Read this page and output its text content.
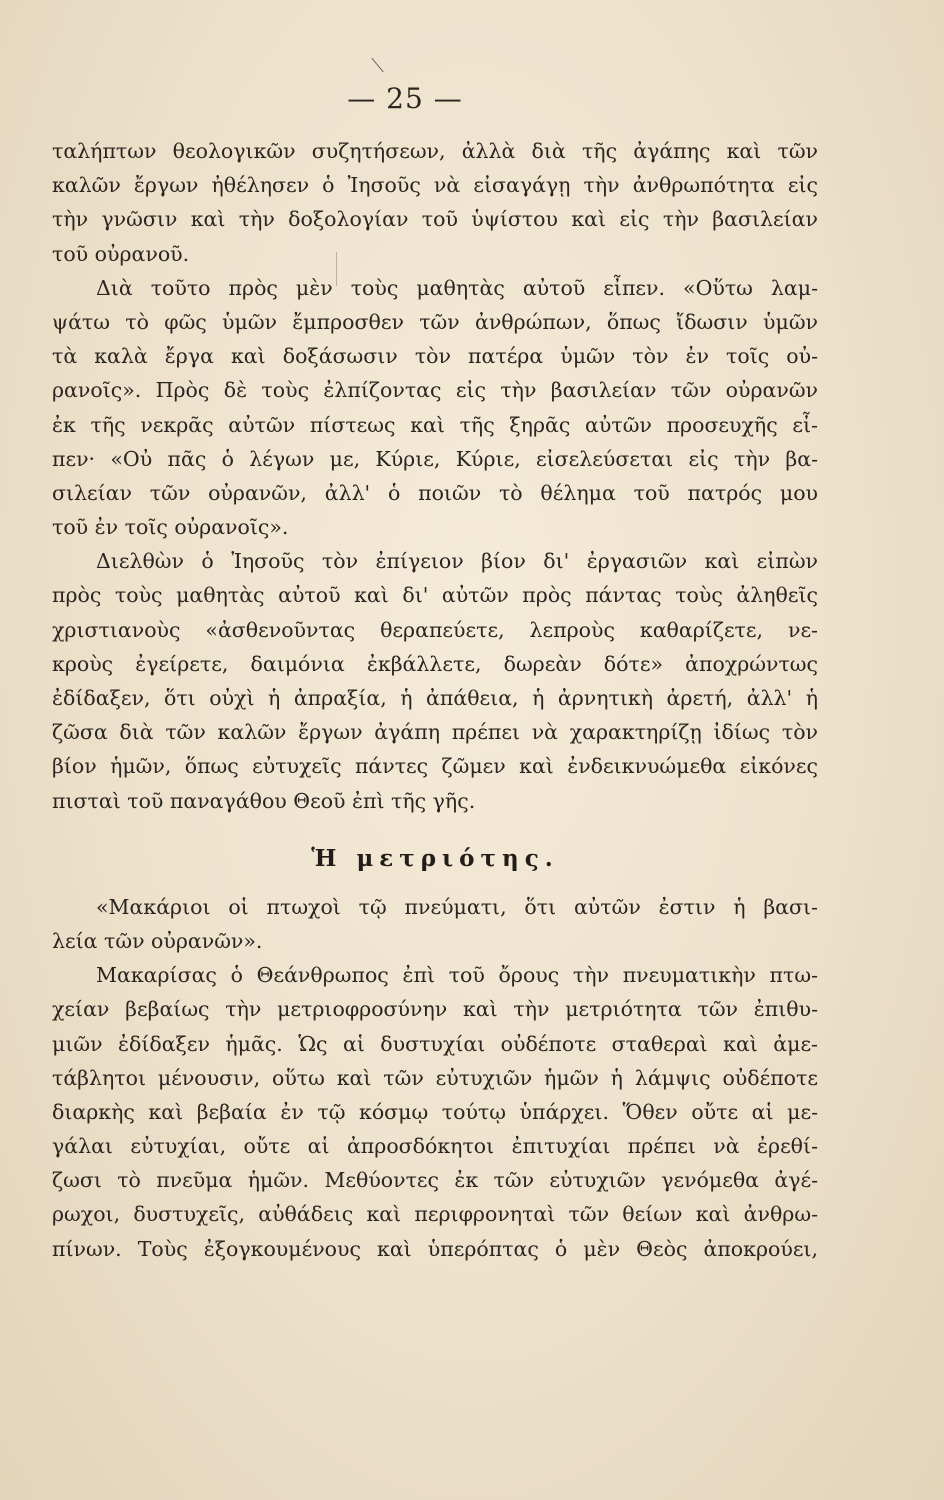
— 25 —
ταλήπτων θεολογικῶν συζητήσεων, ἀλλὰ διὰ τῆς ἀγάπης καὶ τῶν
καλῶν ἔργων ἠθέλησεν ὁ Ἰησοῦς νὰ εἰσαγάγῃ τὴν ἀνθρωπότητα εἰς
τὴν γνῶσιν καὶ τὴν δοξολογίαν τοῦ ὑψίστου καὶ εἰς τὴν βασιλείαν
τοῦ οὐρανοῦ.
Διὰ τοῦτο πρὸς μὲν τοὺς μαθητὰς αὐτοῦ εἶπεν. «Οὕτω λαμ-
ψάτω τὸ φῶς ὑμῶν ἔμπροσθεν τῶν ἀνθρώπων, ὅπως ἴδωσιν ὑμῶν
τὰ καλὰ ἔργα καὶ δοξάσωσιν τὸν πατέρα ὑμῶν τὸν ἐν τοῖς οὐ-
ρανοῖς». Πρὸς δὲ τοὺς ἐλπίζοντας εἰς τὴν βασιλείαν τῶν οὐρανῶν
ἐκ τῆς νεκρᾶς αὐτῶν πίστεως καὶ τῆς ξηρᾶς αὐτῶν προσευχῆς εἶ-
πεν· «Οὐ πᾶς ὁ λέγων με, Κύριε, Κύριε, εἰσελεύσεται εἰς τὴν βα-
σιλείαν τῶν οὐρανῶν, ἀλλ' ὁ ποιῶν τὸ θέλημα τοῦ πατρός μου
τοῦ ἐν τοῖς οὐρανοῖς».
Διελθὼν ὁ Ἰησοῦς τὸν ἐπίγειον βίον δι' ἐργασιῶν καὶ εἰπὼν
πρὸς τοὺς μαθητὰς αὐτοῦ καὶ δι' αὐτῶν πρὸς πάντας τοὺς ἀληθεῖς
χριστιανοὺς «ἀσθενοῦντας θεραπεύετε, λεπροὺς καθαρίζετε, νε-
κροὺς ἐγείρετε, δαιμόνια ἐκβάλλετε, δωρεὰν δότε» ἀποχρώντως
ἐδίδαξεν, ὅτι οὐχὶ ἡ ἀπραξία, ἡ ἀπάθεια, ἡ ἀρνητικὴ ἀρετή, ἀλλ' ἡ
ζῶσα διὰ τῶν καλῶν ἔργων ἀγάπη πρέπει νὰ χαρακτηρίζῃ ἰδίως τὸν
βίον ἡμῶν, ὅπως εὐτυχεῖς πάντες ζῶμεν καὶ ἐνδεικνυώμεθα εἰκόνες
πισταὶ τοῦ παναγάθου Θεοῦ ἐπὶ τῆς γῆς.
Ἡ μετριότης.
«Μακάριοι οἱ πτωχοὶ τῷ πνεύματι, ὅτι αὐτῶν ἐστιν ἡ βασι-
λεία τῶν οὐρανῶν».
Μακαρίσας ὁ Θεάνθρωπος ἐπὶ τοῦ ὄρους τὴν πνευματικὴν πτω-
χείαν βεβαίως τὴν μετριοφροσύνην καὶ τὴν μετριότητα τῶν ἐπιθυ-
μιῶν ἐδίδαξεν ἡμᾶς. Ὡς αἱ δυστυχίαι οὐδέποτε σταθεραὶ καὶ ἀμε-
τάβλητοι μένουσιν, οὕτω καὶ τῶν εὐτυχιῶν ἡμῶν ἡ λάμψις οὐδέποτε
διαρκὴς καὶ βεβαία ἐν τῷ κόσμῳ τούτῳ ὑπάρχει. Ὅθεν οὔτε αἱ με-
γάλαι εὐτυχίαι, οὔτε αἱ ἀπροσδόκητοι ἐπιτυχίαι πρέπει νὰ ἐρεθί-
ζωσι τὸ πνεῦμα ἡμῶν. Μεθύοντες ἐκ τῶν εὐτυχιῶν γενόμεθα ἀγέ-
ρωχοι, δυστυχεῖς, αὐθάδεις καὶ περιφρονηταὶ τῶν θείων καὶ ἀνθρω-
πίνων. Τοὺς ἐξογκουμένους καὶ ὑπερόπτας ὁ μὲν Θεὸς ἀποκρούει,
